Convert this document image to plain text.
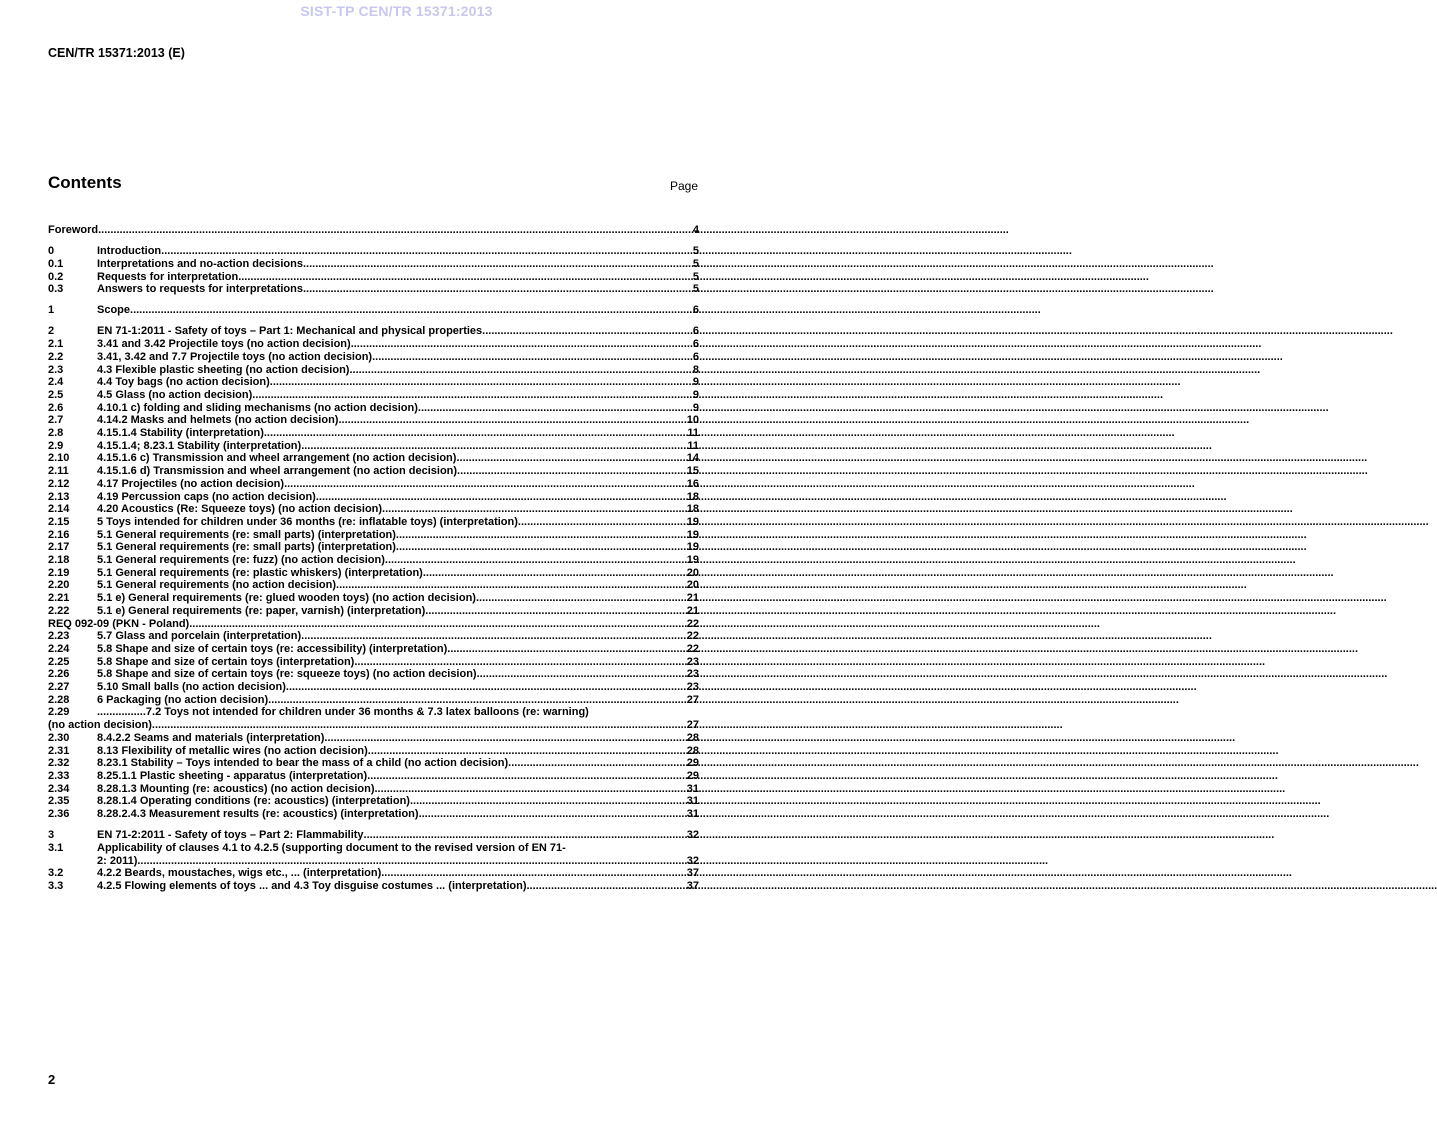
SIST-TP CEN/TR 15371:2013
CEN/TR 15371:2013 (E)
Contents	Page
Foreword .....	4
0	Introduction .....	5
0.1	Interpretations and no-action decisions .....	5
0.2	Requests for interpretation .....	5
0.3	Answers to requests for interpretations .....	5
1	Scope .....	6
2	EN 71-1:2011 - Safety of toys – Part 1: Mechanical and physical properties .....	6
2.1	3.41 and 3.42 Projectile toys (no action decision) .....	6
2.2	3.41, 3.42 and 7.7 Projectile toys (no action decision) .....	6
2.3	4.3 Flexible plastic sheeting (no action decision) .....	8
2.4	4.4 Toy bags (no action decision) .....	9
2.5	4.5 Glass (no action decision) .....	9
2.6	4.10.1 c) folding and sliding mechanisms (no action decision) .....	9
2.7	4.14.2 Masks and helmets (no action decision) .....	10
2.8	4.15.1.4 Stability (interpretation) .....	11
2.9	4.15.1.4; 8.23.1 Stability (interpretation) .....	11
2.10	4.15.1.6 c) Transmission and wheel arrangement (no action decision) .....	14
2.11	4.15.1.6 d) Transmission and wheel arrangement (no action decision) .....	15
2.12	4.17 Projectiles (no action decision) .....	16
2.13	4.19 Percussion caps (no action decision) .....	18
2.14	4.20 Acoustics (Re: Squeeze toys) (no action decision) .....	18
2.15	5 Toys intended for children under 36 months (re: inflatable toys) (interpretation) .....	19
2.16	5.1 General requirements (re: small parts) (interpretation) .....	19
2.17	5.1 General requirements (re: small parts) (interpretation) .....	19
2.18	5.1 General requirements (re: fuzz) (no action decision) .....	19
2.19	5.1 General requirements (re: plastic whiskers) (interpretation) .....	20
2.20	5.1 General requirements (no action decision) .....	20
2.21	5.1 e) General requirements (re: glued wooden toys) (no action decision) .....	21
2.22	5.1 e) General requirements (re: paper, varnish) (interpretation) .....	21
REQ 092-09 (PKN - Poland) .....	22
2.23	5.7 Glass and porcelain (interpretation) .....	22
2.24	5.8 Shape and size of certain toys (re: accessibility) (interpretation) .....	22
2.25	5.8 Shape and size of certain toys (interpretation) .....	23
2.26	5.8 Shape and size of certain toys (re: squeeze toys) (no action decision) .....	23
2.27	5.10 Small balls (no action decision) .....	23
2.28	6 Packaging (no action decision) .....	27
2.29	................ 7.2 Toys not intended for children under 36 months & 7.3 latex balloons (re: warning)
(no action decision) .....	27
2.30	8.4.2.2 Seams and materials (interpretation) .....	28
2.31	8.13 Flexibility of metallic wires (no action decision) .....	28
2.32	8.23.1 Stability – Toys intended to bear the mass of a child (no action decision) .....	29
2.33	8.25.1.1 Plastic sheeting - apparatus (interpretation) .....	29
2.34	8.28.1.3 Mounting (re: acoustics) (no action decision) .....	31
2.35	8.28.1.4 Operating conditions (re: acoustics) (interpretation) .....	31
2.36	8.28.2.4.3 Measurement results (re: acoustics) (interpretation) .....	31
3	EN 71-2:2011 - Safety of toys – Part 2: Flammability .....	32
3.1	Applicability of clauses 4.1 to 4.2.5 (supporting document to the revised version of EN 71-
2: 2011) .....	32
3.2	4.2.2 Beards, moustaches, wigs etc., ... (interpretation) .....	37
3.3	4.2.5 Flowing elements of toys ... and 4.3 Toy disguise costumes ... (interpretation) .....	37
2
